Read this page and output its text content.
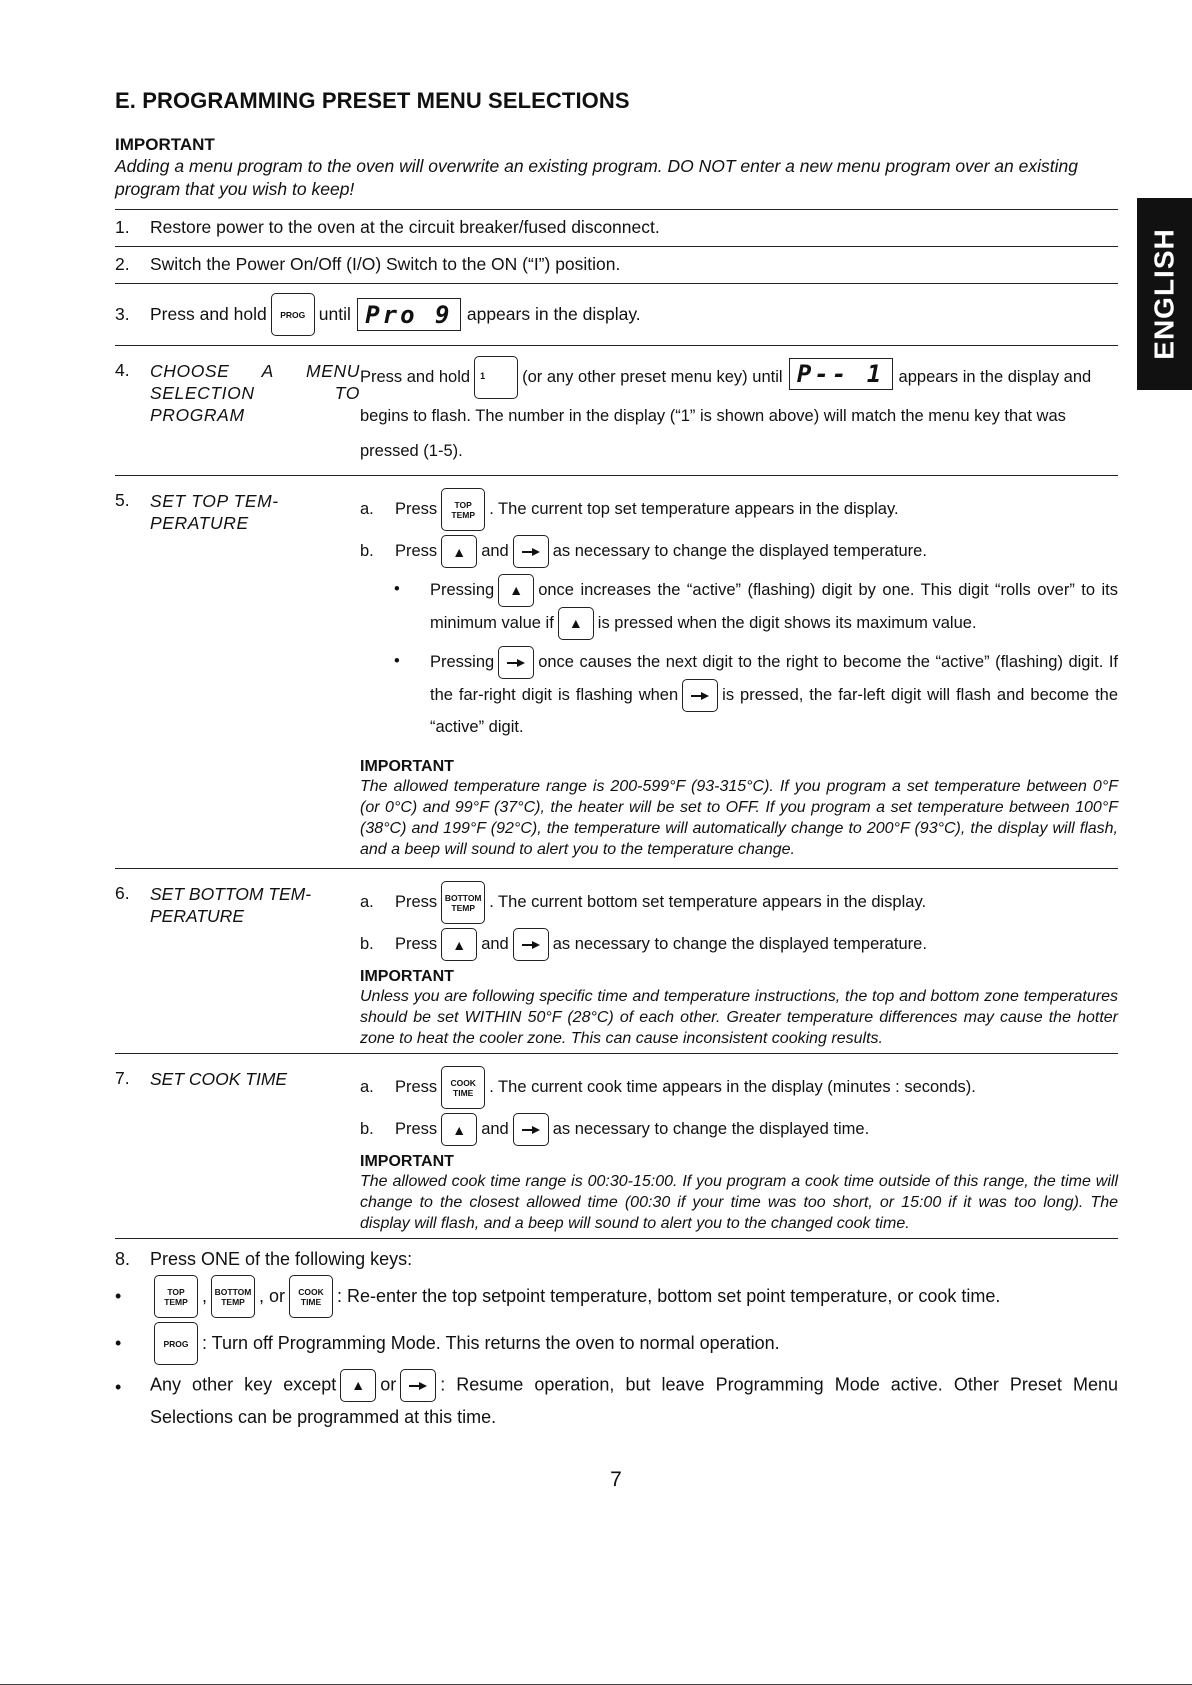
E. PROGRAMMING PRESET MENU SELECTIONS
IMPORTANT
Adding a menu program to the oven will overwrite an existing program. DO NOT enter a new menu program over an existing program that you wish to keep!
1.	Restore power to the oven at the circuit breaker/fused disconnect.
2.	Switch the Power On/Off (I/O) Switch to the ON (“I”) position.
3.	Press and hold PROG until Pro 9 appears in the display.
4.	CHOOSE A MENU SELECTION TO PROGRAM
Press and hold 1 (or any other preset menu key) until P-- 1 appears in the display and begins to flash. The number in the display (“1” is shown above) will match the menu key that was pressed (1-5).
5.	SET TOP TEM-PERATURE
a.	Press TOP
TEMP . The current top set temperature appears in the display.
b.	Press	▲ and	as necessary to change the displayed temperature.
•	Pressing ▲ once increases the “active” (flashing) digit by one. This digit “rolls over” to its minimum value if ▲ is pressed when the digit shows its maximum value.
•	Pressing	once causes the next digit to the right to become the “active” (flashing) digit. If the far-right digit is flashing when	is pressed, the far-left digit will flash and become the “active” digit.
IMPORTANT
The allowed temperature range is 200-599°F (93-315°C). If you program a set temperature between 0°F (or 0°C) and 99°F (37°C), the heater will be set to OFF. If you program a set temperature between 100°F (38°C) and 199°F (92°C), the temperature will automatically change to 200°F (93°C), the display will flash, and a beep will sound to alert you to the temperature change.
6.	SET BOTTOM TEM-PERATURE
a.	Press BOTTOM
TEMP . The current bottom set temperature appears in the display.
b.	Press	▲ and	as necessary to change the displayed temperature.
IMPORTANT
Unless you are following specific time and temperature instructions, the top and bottom zone temperatures should be set WITHIN 50°F (28°C) of each other. Greater temperature differences may cause the hotter zone to heat the cooler zone. This can cause inconsistent cooking results.
7.	SET COOK TIME	a.	Press COOK
TIME . The current cook time appears in the display (minutes : seconds).
b.	Press	▲ and	as necessary to change the displayed time.
IMPORTANT
The allowed cook time range is 00:30-15:00. If you program a cook time outside of this range, the time will change to the closest allowed time (00:30 if your time was too short, or 15:00 if it was too long). The display will flash, and a beep will sound to alert you to the changed cook time.
8.	Press ONE of the following keys:
•	TOP
TEMP , BOTTOM
TEMP , or COOK
TIME : Re-enter the top setpoint temperature, bottom set point temperature, or cook time.
•	PROG : Turn off Programming Mode. This returns the oven to normal operation.
•	Any other key except ▲ or : Resume operation, but leave Programming Mode active. Other Preset Menu Selections can be programmed at this time.
ENGLISH
7
